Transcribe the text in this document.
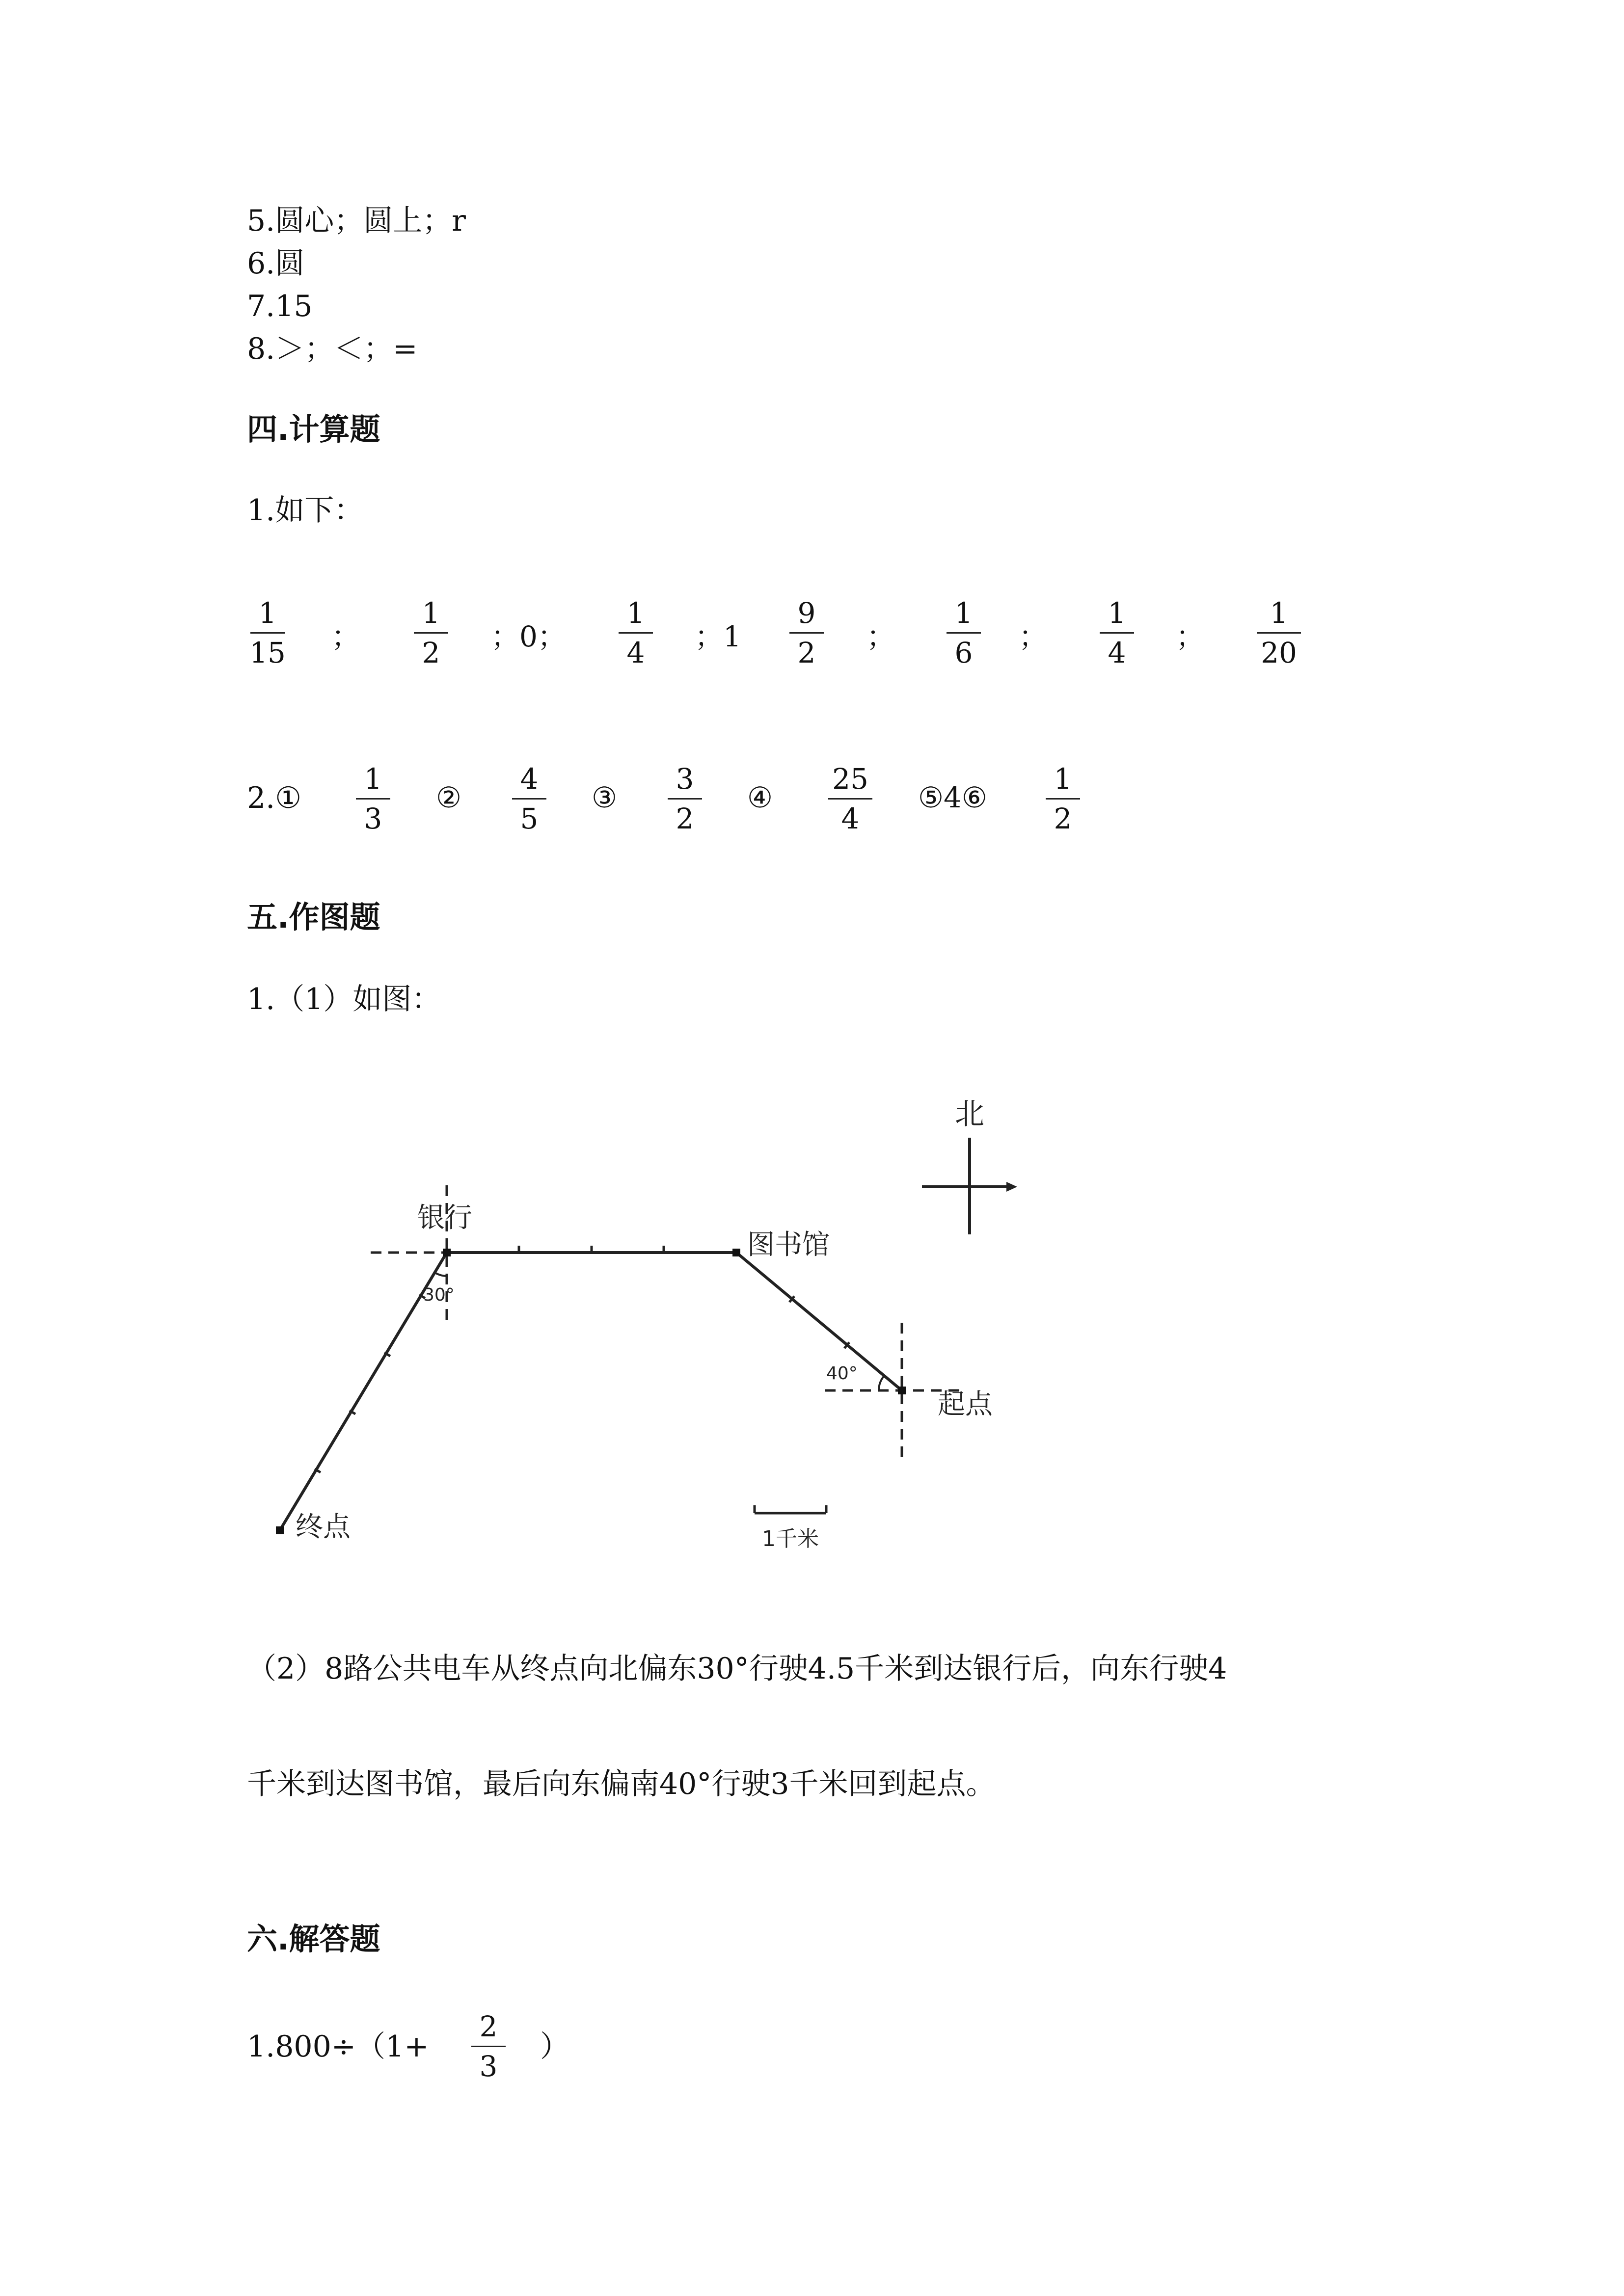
5.圆心；圆上；r
6.圆
7.15
8.＞；＜；=
四.计算题
1.如下：
1
15	；
1
2	；0；
1
4	；1
9
2	；
1
6	；
1
4	；
1
20
2.①
1
3
②
4
5
③
3
2
④
25
4
⑤4⑥
1
2
五.作图题
1.（1）如图：
北
银行
图书馆
起点
终点
30°
40°
1千米
（2）8路公共电车从终点向北偏东30°行驶4.5千米到达银行后，向东行驶4
千米到达图书馆，最后向东偏南40°行驶3千米回到起点。
六.解答题
1.800÷（1+
2
3
）
